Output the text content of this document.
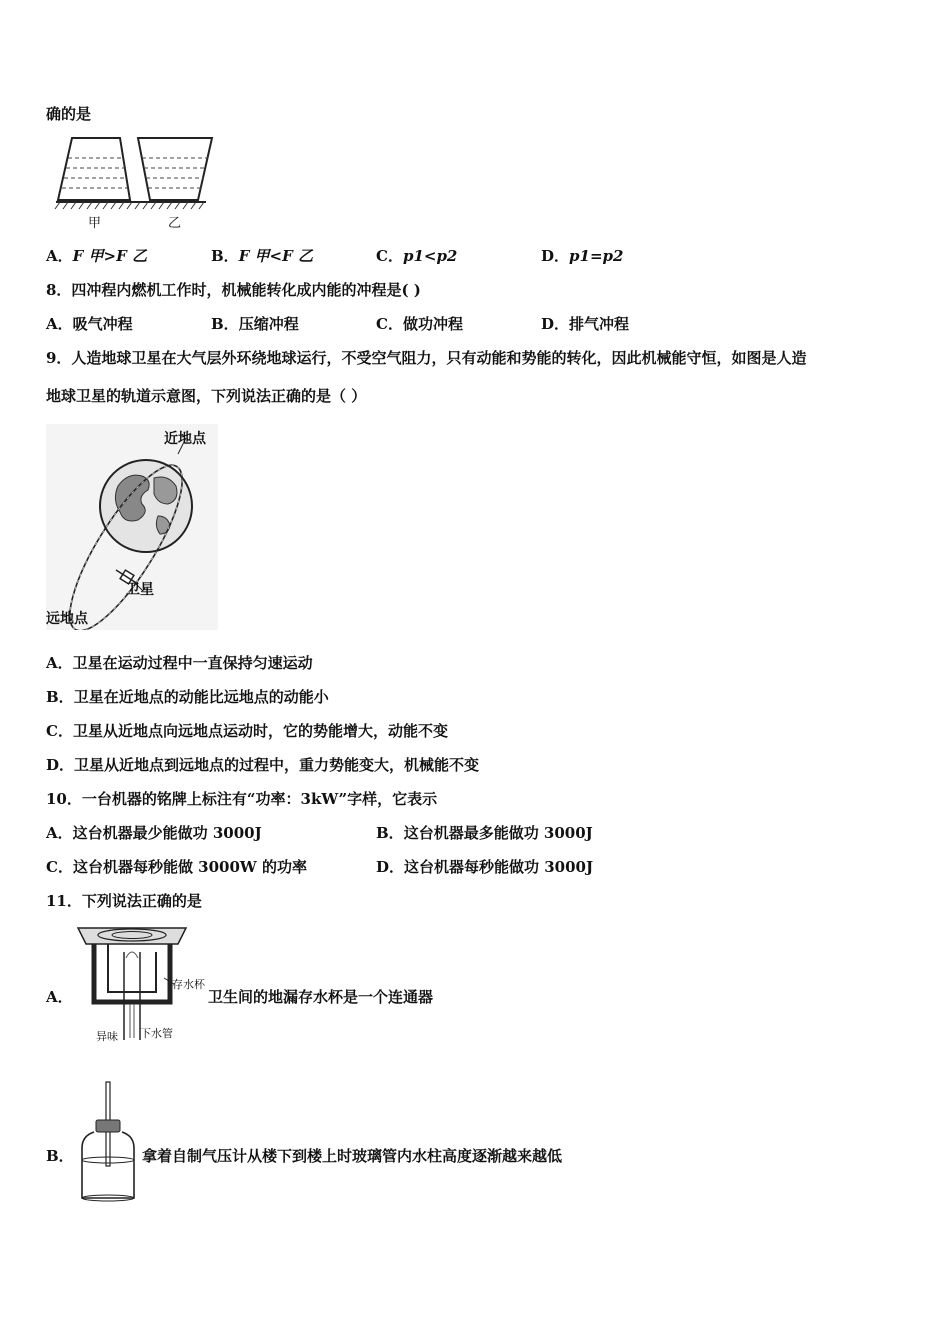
确的是
甲	乙
A．F 甲>F 乙	B．F 甲<F 乙	C．p1<p2	D．p1=p2
8．四冲程内燃机工作时，机械能转化成内能的冲程是( )
A．吸气冲程	B．压缩冲程	C．做功冲程	D．排气冲程
9．人造地球卫星在大气层外环绕地球运行，不受空气阻力，只有动能和势能的转化，因此机械能守恒，如图是人造
地球卫星的轨道示意图，下列说法正确的是（ ）
近地点
卫星
远地点
A．卫星在运动过程中一直保持匀速运动
B．卫星在近地点的动能比远地点的动能小
C．卫星从近地点向远地点运动时，它的势能增大，动能不变
D．卫星从近地点到远地点的过程中，重力势能变大，机械能不变
10．一台机器的铭牌上标注有“功率：3kW”字样，它表示
A．这台机器最少能做功 3000J	B．这台机器最多能做功 3000J
C．这台机器每秒能做 3000W 的功率	D．这台机器每秒能做功 3000J
11．下列说法正确的是
A．
存水杯
异味 下水管
卫生间的地漏存水杯是一个连通器
B．	拿着自制气压计从楼下到楼上时玻璃管内水柱高度逐渐越来越低
